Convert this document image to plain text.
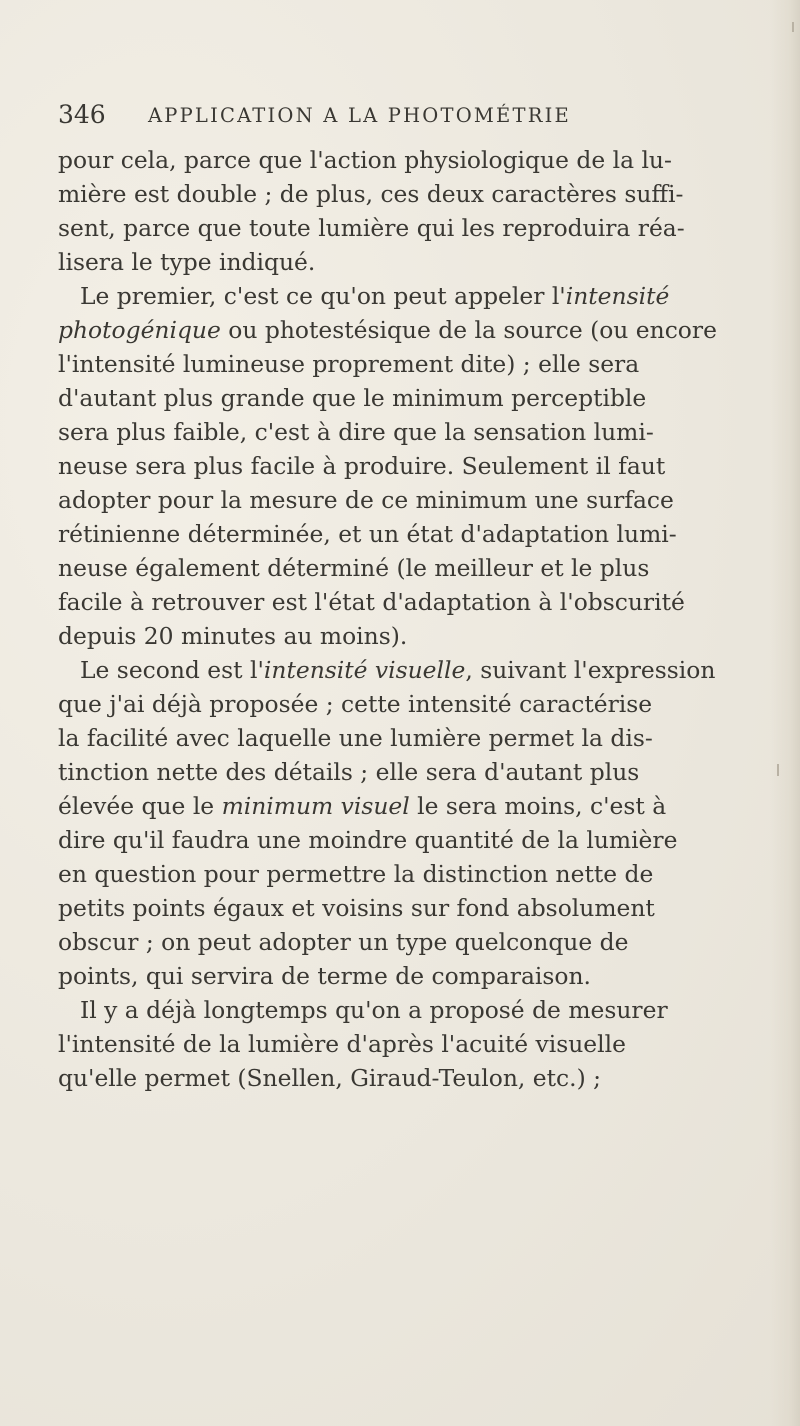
346 APPLICATION A LA PHOTOMÉTRIE
pour cela, parce que l'action physiologique de la lu-
mière est double ; de plus, ces deux caractères suffi-
sent, parce que toute lumière qui les reproduira réa-
lisera le type indiqué.
Le premier, c'est ce qu'on peut appeler l'intensité
photogénique ou photestésique de la source (ou encore
l'intensité lumineuse proprement dite) ; elle sera
d'autant plus grande que le minimum perceptible
sera plus faible, c'est à dire que la sensation lumi-
neuse sera plus facile à produire. Seulement il faut
adopter pour la mesure de ce minimum une surface
rétinienne déterminée, et un état d'adaptation lumi-
neuse également déterminé (le meilleur et le plus
facile à retrouver est l'état d'adaptation à l'obscurité
depuis 20 minutes au moins).
Le second est l'intensité visuelle, suivant l'expression
que j'ai déjà proposée ; cette intensité caractérise
la facilité avec laquelle une lumière permet la dis-
tinction nette des détails ; elle sera d'autant plus
élevée que le minimum visuel le sera moins, c'est à
dire qu'il faudra une moindre quantité de la lumière
en question pour permettre la distinction nette de
petits points égaux et voisins sur fond absolument
obscur ; on peut adopter un type quelconque de
points, qui servira de terme de comparaison.
Il y a déjà longtemps qu'on a proposé de mesurer
l'intensité de la lumière d'après l'acuité visuelle
qu'elle permet (Snellen, Giraud-Teulon, etc.) ;
